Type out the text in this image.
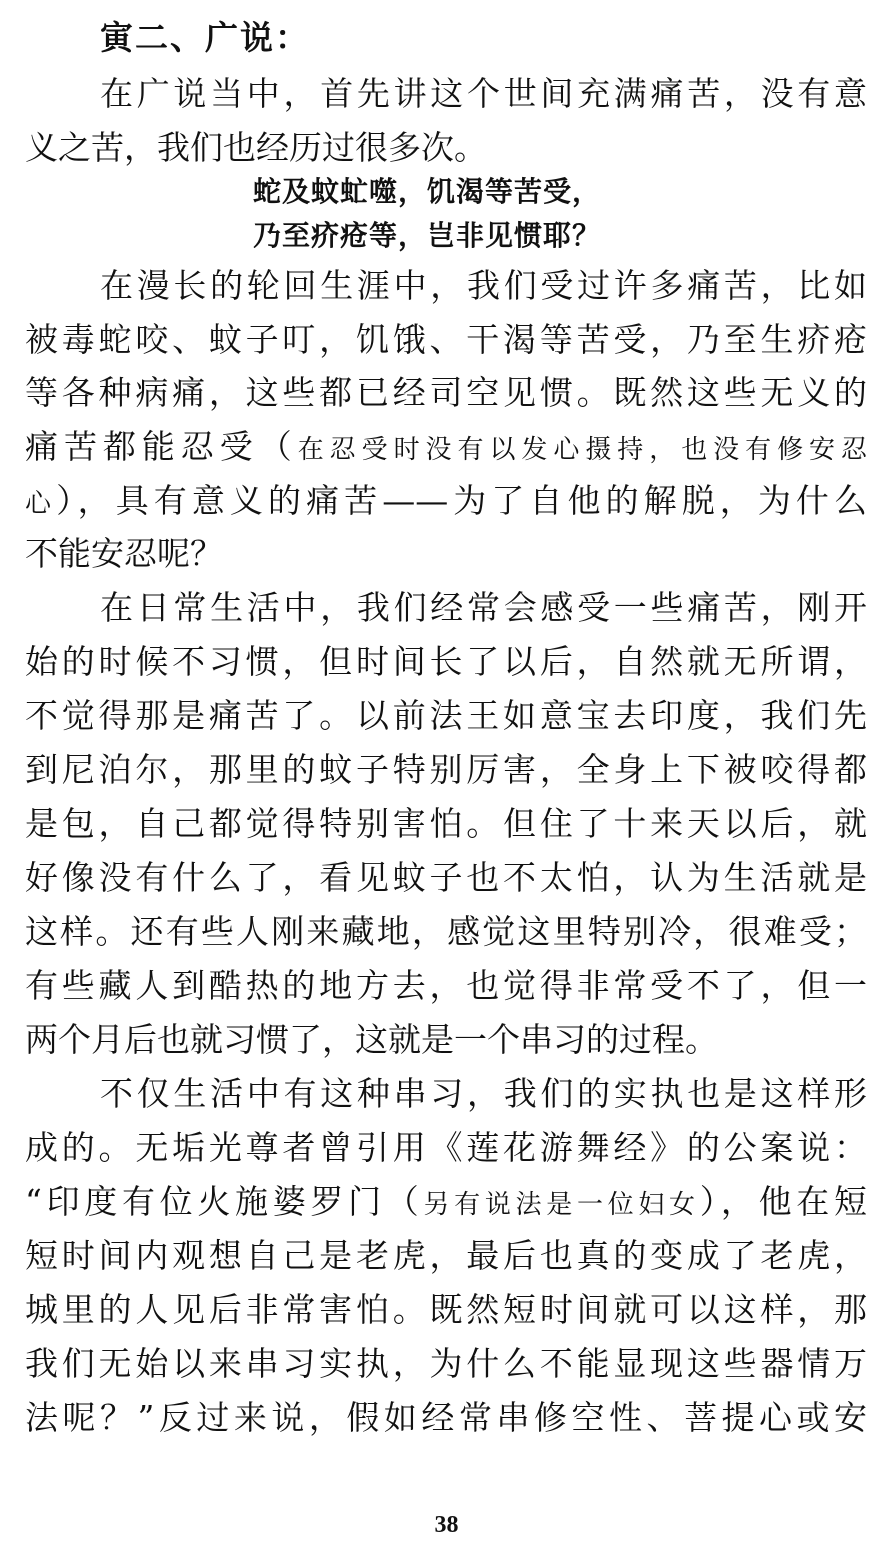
寅二、广说：
在广说当中，首先讲这个世间充满痛苦，没有意
义之苦，我们也经历过很多次。
蛇及蚊虻噬，饥渴等苦受，
乃至疥疮等，岂非见惯耶？
在漫长的轮回生涯中，我们受过许多痛苦，比如
被毒蛇咬、蚊子叮，饥饿、干渴等苦受，乃至生疥疮
等各种病痛，这些都已经司空见惯。既然这些无义的
痛苦都能忍受（在忍受时没有以发心摄持，也没有修安忍
心），具有意义的痛苦——为了自他的解脱，为什么
不能安忍呢？
在日常生活中，我们经常会感受一些痛苦，刚开
始的时候不习惯，但时间长了以后，自然就无所谓，
不觉得那是痛苦了。以前法王如意宝去印度，我们先
到尼泊尔，那里的蚊子特别厉害，全身上下被咬得都
是包，自己都觉得特别害怕。但住了十来天以后，就
好像没有什么了，看见蚊子也不太怕，认为生活就是
这样。还有些人刚来藏地，感觉这里特别冷，很难受；
有些藏人到酷热的地方去，也觉得非常受不了，但一
两个月后也就习惯了，这就是一个串习的过程。
不仅生活中有这种串习，我们的实执也是这样形
成的。无垢光尊者曾引用《莲花游舞经》的公案说：
“印度有位火施婆罗门（另有说法是一位妇女），他在短
短时间内观想自己是老虎，最后也真的变成了老虎，
城里的人见后非常害怕。既然短时间就可以这样，那
我们无始以来串习实执，为什么不能显现这些器情万
法呢？”反过来说，假如经常串修空性、菩提心或安
38
